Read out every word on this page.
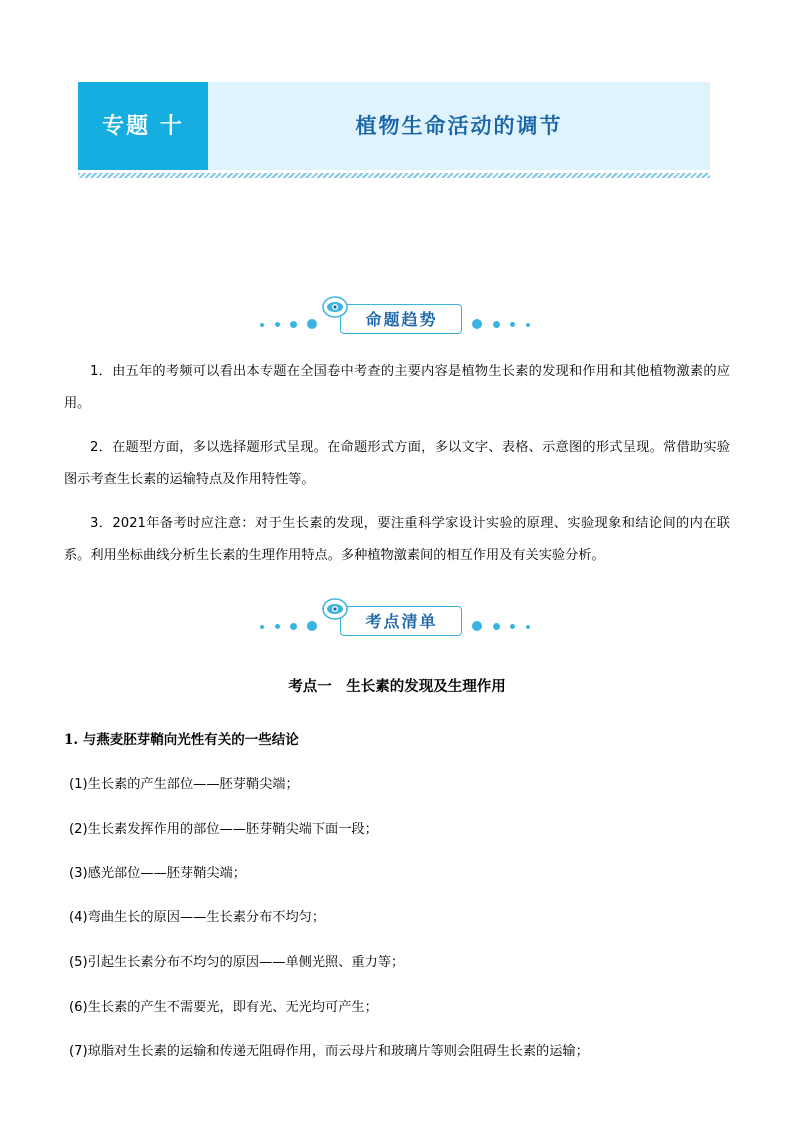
专题 十	植物生命活动的调节
命题趋势

1．由五年的考频可以看出本专题在全国卷中考查的主要内容是植物生长素的发现和作用和其他植物激素的应用。

2．在题型方面，多以选择题形式呈现。在命题形式方面，多以文字、表格、示意图的形式呈现。常借助实验图示考查生长素的运输特点及作用特性等。

3．2021年备考时应注意：对于生长素的发现，要注重科学家设计实验的原理、实验现象和结论间的内在联系。利用坐标曲线分析生长素的生理作用特点。多种植物激素间的相互作用及有关实验分析。

考点清单
考点一　生长素的发现及生理作用
1. 与燕麦胚芽鞘向光性有关的一些结论
(1)生长素的产生部位——胚芽鞘尖端；
(2)生长素发挥作用的部位——胚芽鞘尖端下面一段；
(3)感光部位——胚芽鞘尖端；
(4)弯曲生长的原因——生长素分布不均匀；
(5)引起生长素分布不均匀的原因——单侧光照、重力等；
(6)生长素的产生不需要光，即有光、无光均可产生；
(7)琼脂对生长素的运输和传递无阻碍作用，而云母片和玻璃片等则会阻碍生长素的运输；
